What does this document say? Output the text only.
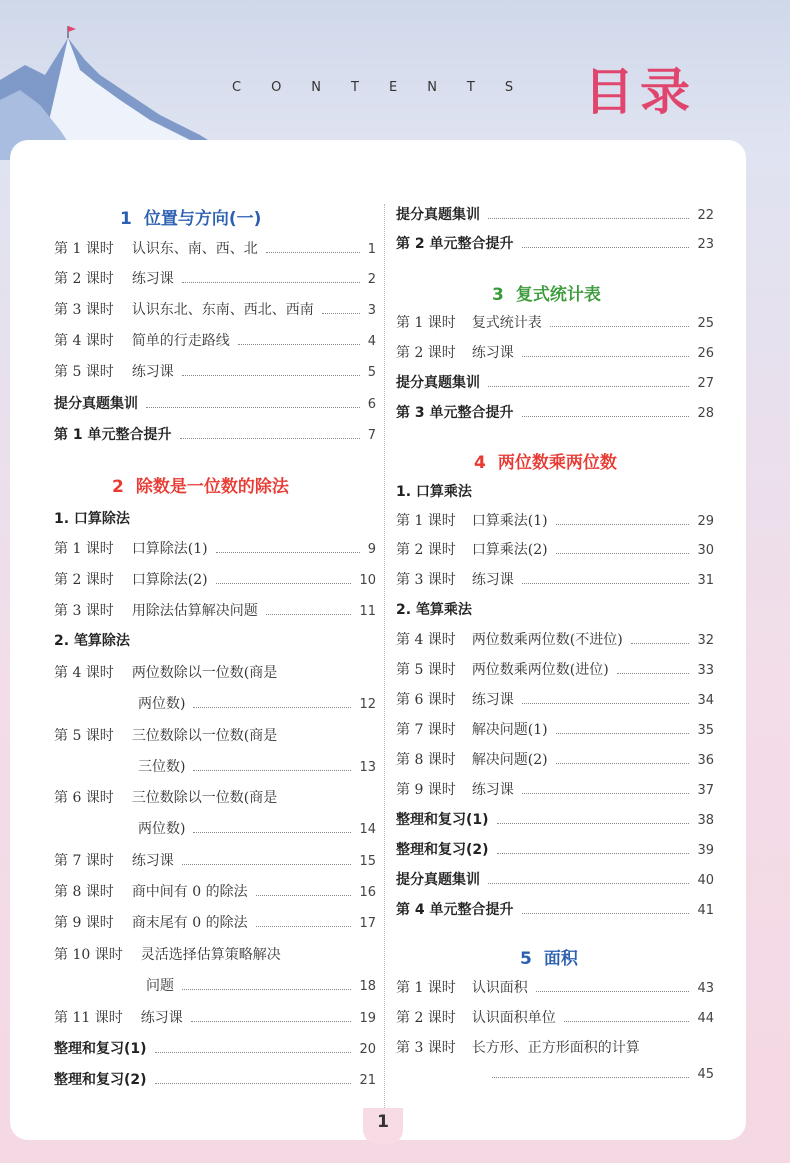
CONTENTS 目录
1 位置与方向(一)
第 1 课时 认识东、南、西、北	1
第 2 课时 练习课	2
第 3 课时 认识东北、东南、西北、西南	3
第 4 课时 简单的行走路线	4
第 5 课时 练习课	5
提分真题集训	6
第 1 单元整合提升	7
2 除数是一位数的除法
1. 口算除法
第 1 课时 口算除法(1)	9
第 2 课时 口算除法(2)	10
第 3 课时 用除法估算解决问题	11
2. 笔算除法
第 4 课时 两位数除以一位数(商是
两位数)	12
第 5 课时 三位数除以一位数(商是
三位数)	13
第 6 课时 三位数除以一位数(商是
两位数)	14
第 7 课时 练习课	15
第 8 课时 商中间有 0 的除法	16
第 9 课时 商末尾有 0 的除法	17
第 10 课时 灵活选择估算策略解决
问题	18
第 11 课时 练习课	19
整理和复习(1)	20
整理和复习(2)	21
提分真题集训	22
第 2 单元整合提升	23
3 复式统计表
第 1 课时 复式统计表	25
第 2 课时 练习课	26
提分真题集训	27
第 3 单元整合提升	28
4 两位数乘两位数
1. 口算乘法
第 1 课时 口算乘法(1)	29
第 2 课时 口算乘法(2)	30
第 3 课时 练习课	31
2. 笔算乘法
第 4 课时 两位数乘两位数(不进位)	32
第 5 课时 两位数乘两位数(进位)	33
第 6 课时 练习课	34
第 7 课时 解决问题(1)	35
第 8 课时 解决问题(2)	36
第 9 课时 练习课	37
整理和复习(1)	38
整理和复习(2)	39
提分真题集训	40
第 4 单元整合提升	41
5 面积
第 1 课时 认识面积	43
第 2 课时 认识面积单位	44
第 3 课时 长方形、正方形面积的计算
45
1
